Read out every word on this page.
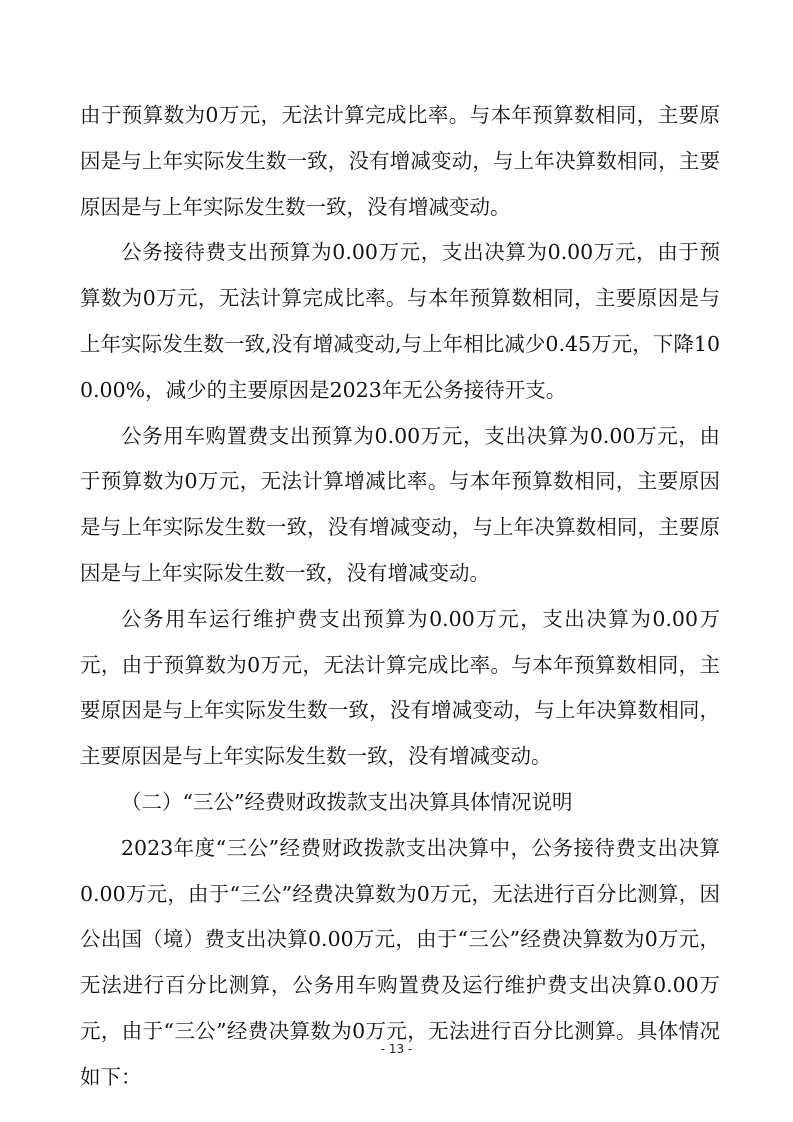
由于预算数为0万元，无法计算完成比率。与本年预算数相同，主要原因是与上年实际发生数一致，没有增减变动，与上年决算数相同，主要原因是与上年实际发生数一致，没有增减变动。

公务接待费支出预算为0.00万元，支出决算为0.00万元，由于预算数为0万元，无法计算完成比率。与本年预算数相同，主要原因是与上年实际发生数一致,没有增减变动,与上年相比减少0.45万元，下降100.00%，减少的主要原因是2023年无公务接待开支。

公务用车购置费支出预算为0.00万元，支出决算为0.00万元，由于预算数为0万元，无法计算增减比率。与本年预算数相同，主要原因是与上年实际发生数一致，没有增减变动，与上年决算数相同，主要原因是与上年实际发生数一致，没有增减变动。

公务用车运行维护费支出预算为0.00万元，支出决算为0.00万元，由于预算数为0万元，无法计算完成比率。与本年预算数相同，主要原因是与上年实际发生数一致，没有增减变动，与上年决算数相同，主要原因是与上年实际发生数一致，没有增减变动。

（二）“三公”经费财政拨款支出决算具体情况说明

2023年度“三公”经费财政拨款支出决算中，公务接待费支出决算0.00万元，由于“三公”经费决算数为0万元，无法进行百分比测算，因公出国（境）费支出决算0.00万元，由于“三公”经费决算数为0万元，无法进行百分比测算，公务用车购置费及运行维护费支出决算0.00万元，由于“三公”经费决算数为0万元，无法进行百分比测算。具体情况如下：

- 13 -
